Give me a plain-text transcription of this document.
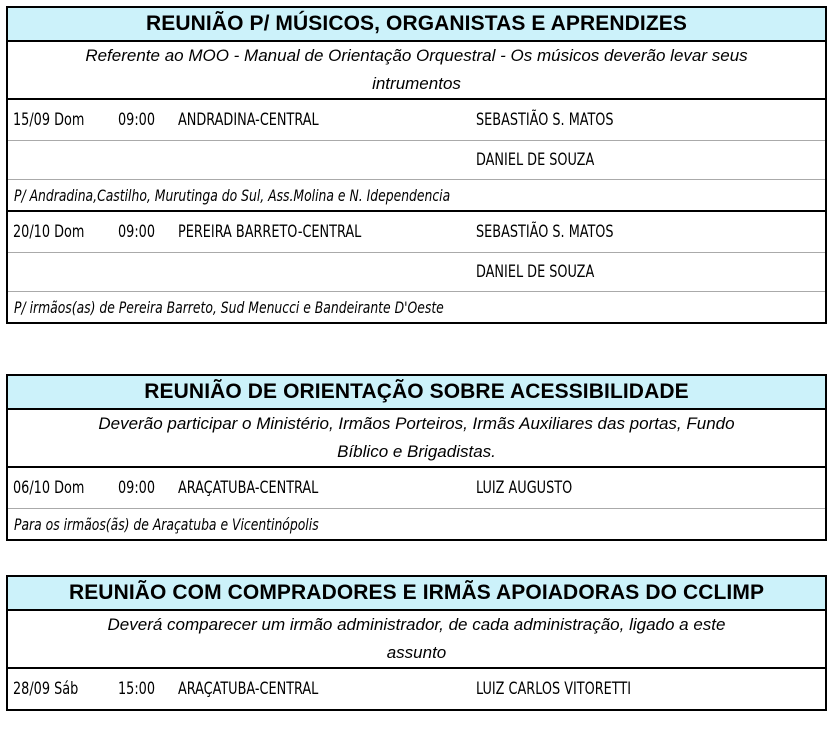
REUNIÃO P/ MÚSICOS, ORGANISTAS E APRENDIZES
Referente ao MOO - Manual de Orientação Orquestral - Os músicos deverão levar seus
intrumentos
15/09 Dom 09:00 ANDRADINA-CENTRAL	SEBASTIÃO S. MATOS
DANIEL DE SOUZA
P/ Andradina,Castilho, Murutinga do Sul, Ass.Molina e N. Idependencia
20/10 Dom 09:00 PEREIRA BARRETO-CENTRAL	SEBASTIÃO S. MATOS
DANIEL DE SOUZA
P/ irmãos(as) de Pereira Barreto, Sud Menucci e Bandeirante D'Oeste
REUNIÃO DE ORIENTAÇÃO SOBRE ACESSIBILIDADE
Deverão participar o Ministério, Irmãos Porteiros, Irmãs Auxiliares das portas, Fundo
Bíblico e Brigadistas.
06/10 Dom 09:00 ARAÇATUBA-CENTRAL	LUIZ AUGUSTO
Para os irmãos(ãs) de Araçatuba e Vicentinópolis
REUNIÃO COM COMPRADORES E IRMÃS APOIADORAS DO CCLIMP
Deverá comparecer um irmão administrador, de cada administração, ligado a este
assunto
28/09 Sáb 15:00 ARAÇATUBA-CENTRAL	LUIZ CARLOS VITORETTI
